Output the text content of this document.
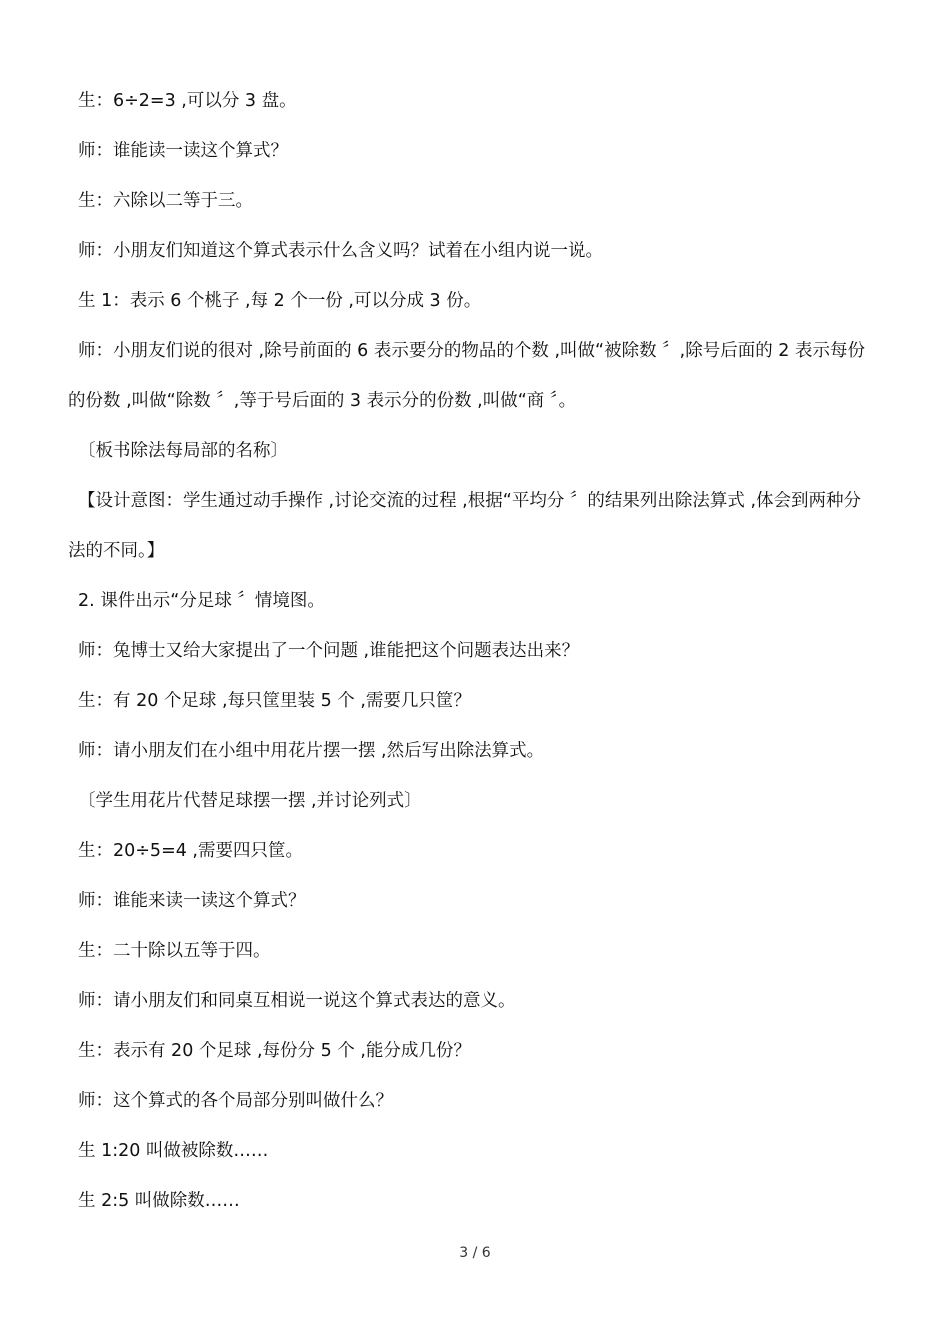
生：6÷2=3 ,可以分 3 盘。

师：谁能读一读这个算式？

生：六除以二等于三。

师：小朋友们知道这个算式表示什么含义吗？试着在小组内说一说。

生 1：表示 6 个桃子 ,每 2 个一份 ,可以分成 3 份。

师：小朋友们说的很对 ,除号前面的 6 表示要分的物品的个数 ,叫做“被除数 〞,除号后面的 2 表示每份的份数 ,叫做“除数 〞,等于号后面的 3 表示分的份数 ,叫做“商 〞。

〔板书除法每局部的名称〕

【设计意图：学生通过动手操作 ,讨论交流的过程 ,根据“平均分 〞的结果列出除法算式 ,体会到两种分法的不同。】

2. 课件出示“分足球 〞情境图。

师：兔博士又给大家提出了一个问题 ,谁能把这个问题表达出来？

生：有 20 个足球 ,每只筐里装 5 个 ,需要几只筐？

师：请小朋友们在小组中用花片摆一摆 ,然后写出除法算式。

〔学生用花片代替足球摆一摆 ,并讨论列式〕

生：20÷5=4 ,需要四只筐。

师：谁能来读一读这个算式？

生：二十除以五等于四。

师：请小朋友们和同桌互相说一说这个算式表达的意义。

生：表示有 20 个足球 ,每份分 5 个 ,能分成几份？

师：这个算式的各个局部分别叫做什么？

生 1:20 叫做被除数……

生 2:5 叫做除数……

3 / 6
